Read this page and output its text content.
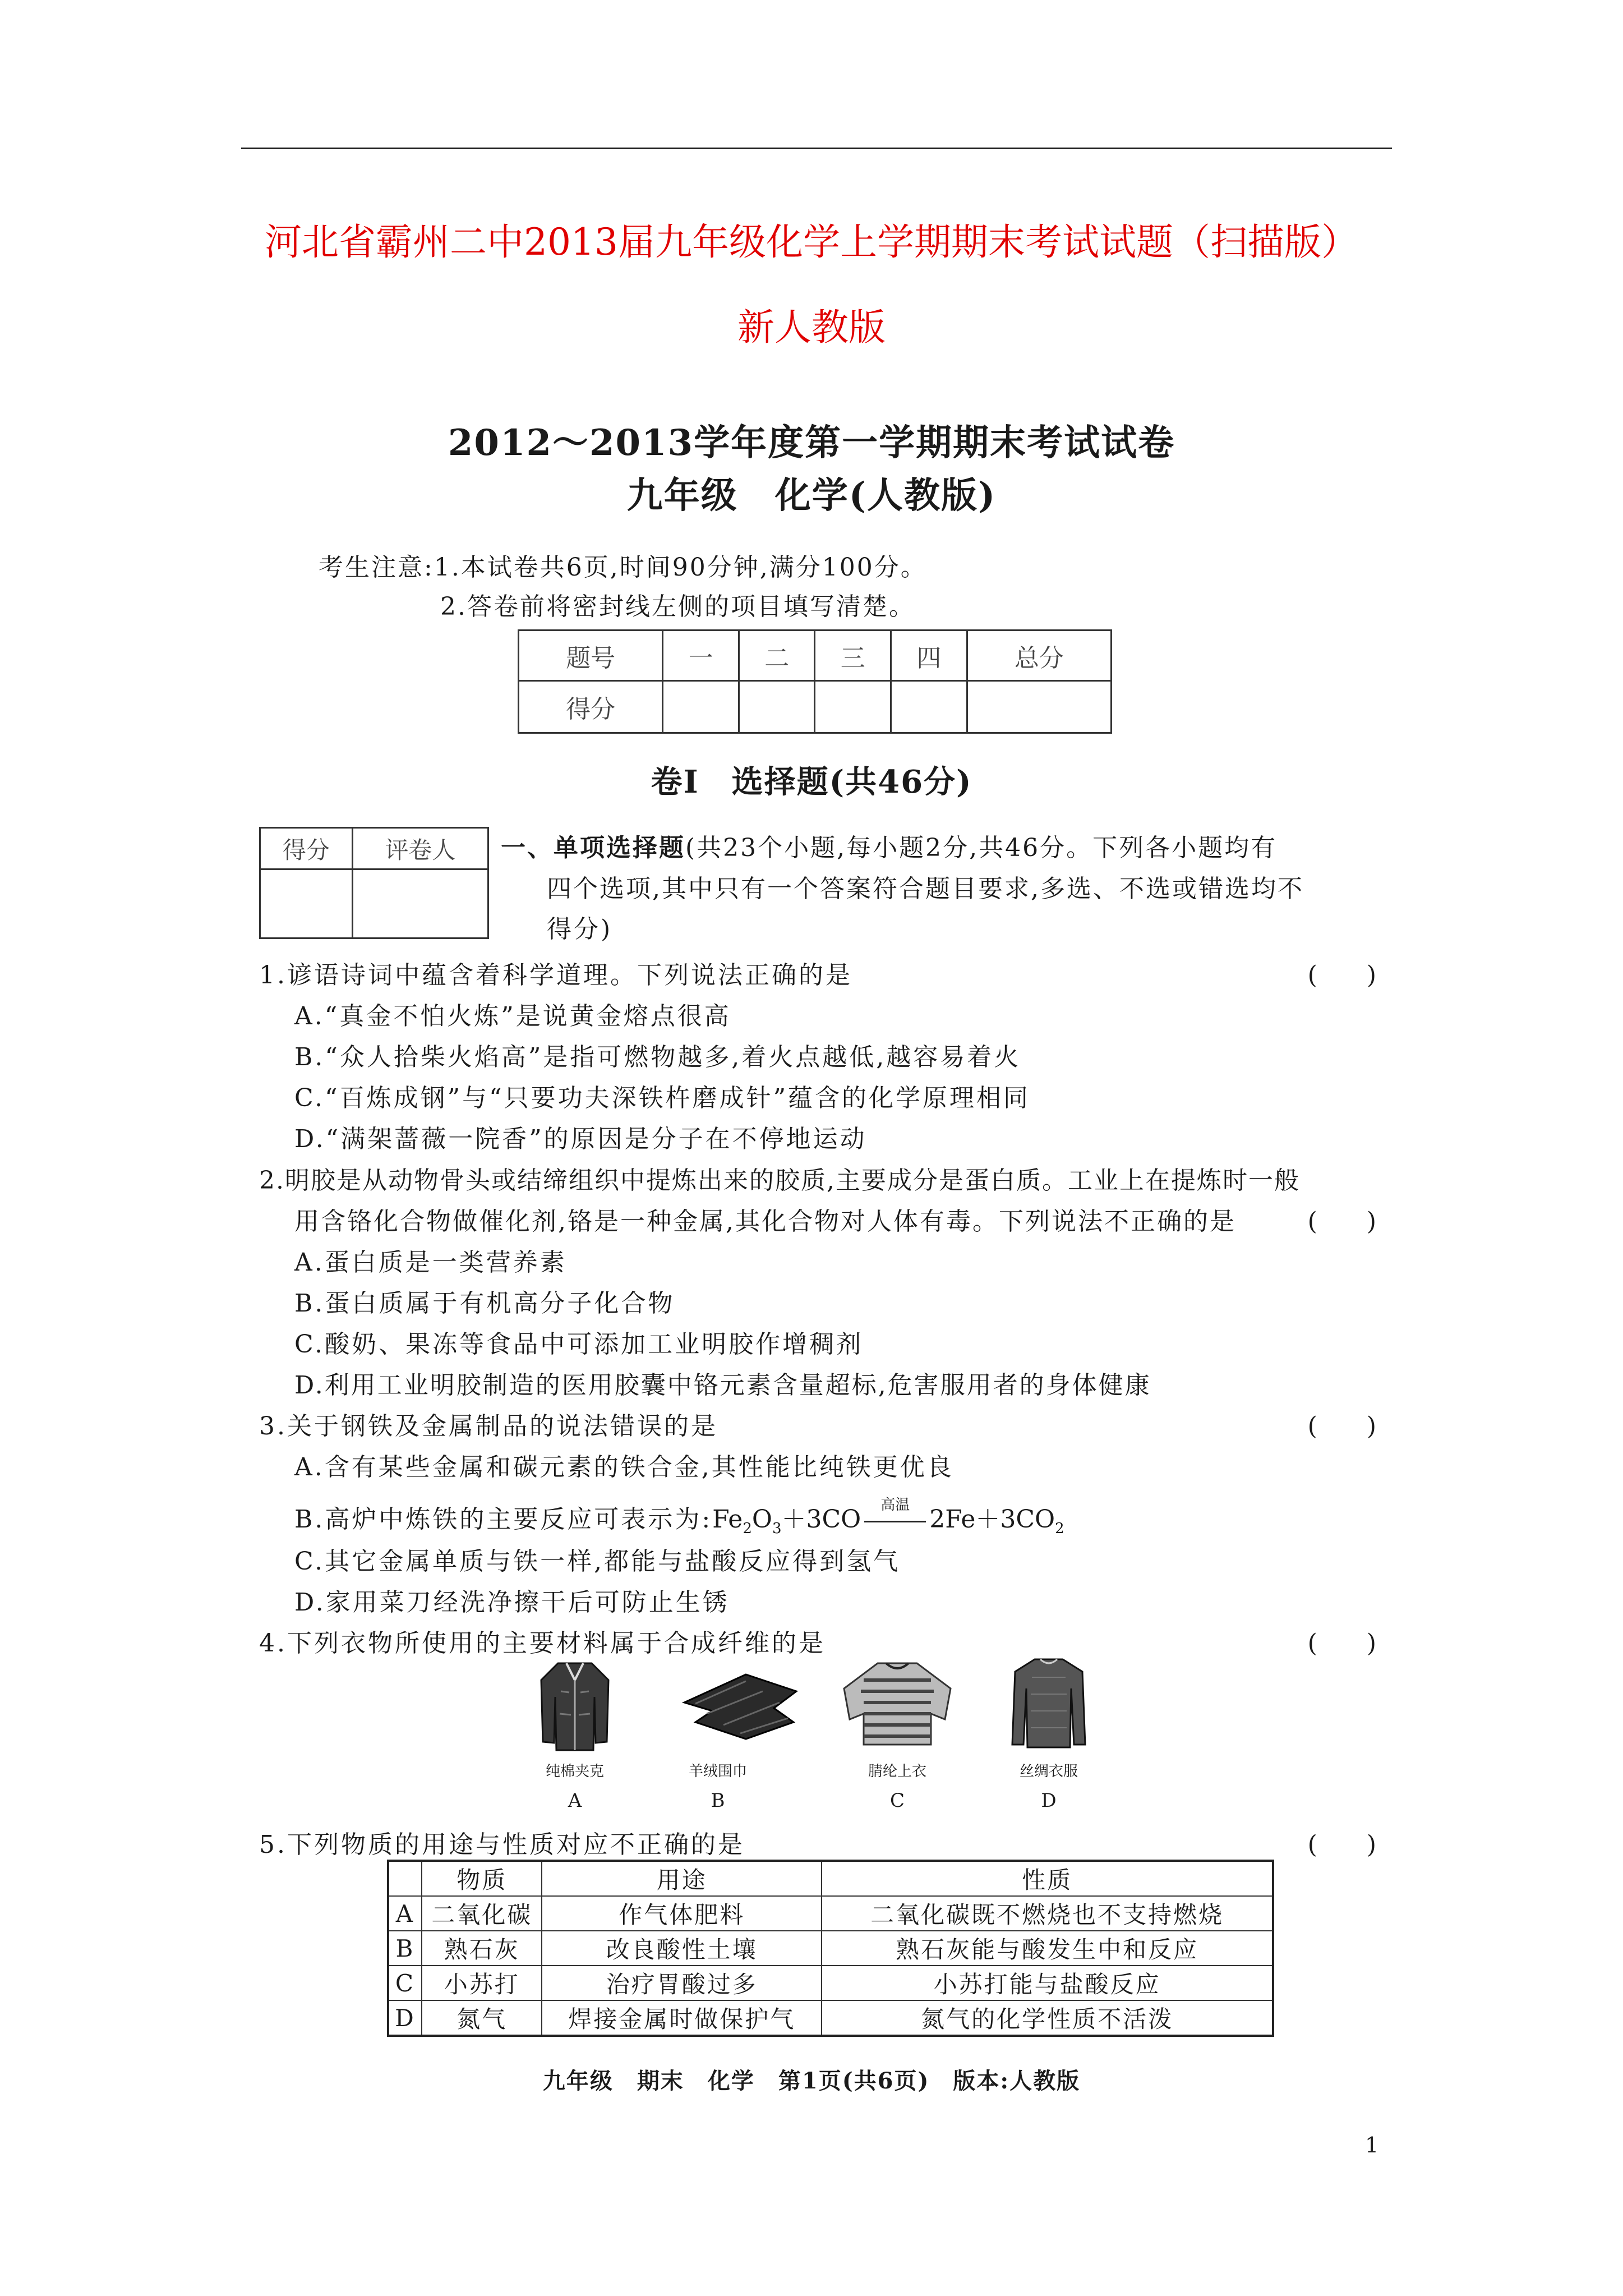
河北省霸州二中2013届九年级化学上学期期末考试试题（扫描版）
新人教版
2012～2013学年度第一学期期末考试试卷
九年级　化学(人教版)
考生注意:1.本试卷共6页,时间90分钟,满分100分。
2.答卷前将密封线左侧的项目填写清楚。
题号	一	二	三	四	总分
得分					
卷Ⅰ　选择题(共46分)
得分	评卷人
	一、单项选择题(共23个小题,每小题2分,共46分。下列各小题均有
四个选项,其中只有一个答案符合题目要求,多选、不选或错选均不
得分)
1.谚语诗词中蕴含着科学道理。下列说法正确的是	(　　)
A.“真金不怕火炼”是说黄金熔点很高
B.“众人拾柴火焰高”是指可燃物越多,着火点越低,越容易着火
C.“百炼成钢”与“只要功夫深铁杵磨成针”蕴含的化学原理相同
D.“满架蔷薇一院香”的原因是分子在不停地运动
2.明胶是从动物骨头或结缔组织中提炼出来的胶质,主要成分是蛋白质。工业上在提炼时一般
用含铬化合物做催化剂,铬是一种金属,其化合物对人体有毒。下列说法不正确的是	(　　)
A.蛋白质是一类营养素
B.蛋白质属于有机高分子化合物
C.酸奶、果冻等食品中可添加工业明胶作增稠剂
D.利用工业明胶制造的医用胶囊中铬元素含量超标,危害服用者的身体健康
3.关于钢铁及金属制品的说法错误的是	(　　)
A.含有某些金属和碳元素的铁合金,其性能比纯铁更优良
B.高炉中炼铁的主要反应可表示为$:Fe_2O_3+3CO$
高温
$2Fe+3CO_2$
C.其它金属单质与铁一样,都能与盐酸反应得到氢气
D.家用菜刀经洗净擦干后可防止生锈
4.下列衣物所使用的主要材料属于合成纤维的是	(　　)
纯棉夹克	羊绒围巾	腈纶上衣	丝绸衣服
A	B	C	D
5.下列物质的用途与性质对应不正确的是	(　　)
	物质	用途	性质
A	二氧化碳	作气体肥料	二氧化碳既不燃烧也不支持燃烧
B	熟石灰	改良酸性土壤	熟石灰能与酸发生中和反应
C	小苏打	治疗胃酸过多	小苏打能与盐酸反应
D	氮气	焊接金属时做保护气	氮气的化学性质不活泼
九年级　期末　化学　第1页(共6页)　版本:人教版
1
